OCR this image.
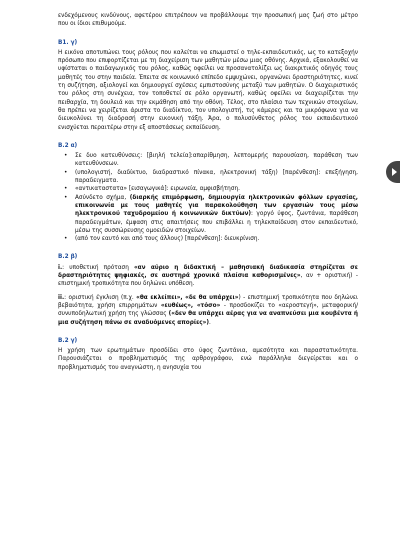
ενδεχόμενους κινδύνους, αφετέρου επιτρέπουν να προβάλλουμε την προσωπική μας ζωή στο μέτρο που οι ίδιοι επιθυμούμε.

Β1. γ)

Η εικόνα αποτυπώνει τους ρόλους που καλείται να επωμιστεί ο τηλε-εκπαιδευτικός, ως το κατεξοχήν πρόσωπο που επιφορτίζεται με τη διαχείριση των μαθητών μέσω μιας οθόνης. Αρχικά, εξακολουθεί να υφίσταται ο παιδαγωγικός του ρόλος, καθώς οφείλει να προσανατολίζει ως διακριτικός οδηγός τους μαθητές του στην παιδεία. Έπειτα σε κοινωνικό επίπεδο εμψυχώνει, οργανώνει δραστηριότητες, κινεί τη συζήτηση, αξιολογεί και δημιουργεί σχέσεις εμπιστοσύνης μεταξύ των μαθητών. Ο διαχειριστικός του ρόλος στη συνέχεια, τον τοποθετεί σε ρόλο οργανωτή, καθώς οφείλει να διαχειρίζεται την πειθαρχία, τη δουλειά και την εκμάθηση από την οθόνη. Τέλος, στο πλαίσιο των τεχνικών στοιχείων, θα πρέπει να χειρίζεται άριστα το διαδίκτυο, τον υπολογιστή, τις κάμερες και τα μικρόφωνα για να διευκολύνει τη διαδρασή στην εικονική τάξη. Άρα, ο πολυσύνθετος ρόλος του εκπαιδευτικού ενισχύεται περαιτέρω στην εξ αποστάσεως εκπαίδευση.

Β.2 α)
• Σε δυο κατευθύνσεις: [βιηλή τελεία]:απαρίθμηση, λεπτομερής παρουσίαση, παράθεση των κατευθύνσεων.
• (υπολογιστή, διαδίκτυο, διαδραστικό πίνακα, ηλεκτρονική τάξη) [παρένθεση]: επεξήγηση, παραδειγματα.
• «αντικαταστατα» [εισαγωγικά]: ειρωνεία, αμφισβήτηση.
• Ασύνδετο σχήμα, (διαρκής επιμόρφωση, δημιουργία ηλεκτρονικών φόλλων εργασίας, επικοινωνία με τους μαθητές για παρακολούθηση των εργασιών τους μέσω ηλεκτρονικού ταχυδρομείου ή κοινωνικών δικτύων): γοργό ύφος, ζωντάνια, παράθεση παραδειγμάτων, έμφαση στις απαιτήσεις που επιβάλλει η τηλεκπαίδευση στον εκπαιδευτικό, μέσω της συσσώρευσης ομοειδών στοιχείων.
• (από τον εαυτό και από τους άλλους) [παρένθεση]: διευκρίνιση.
Β.2 β)

i.: υποθετική πρόταση «αν αύριο η διδακτική – μαθησιακή διαδικασία στηρίζεται σε δραστηριότητες ψηφιακές, σε αυστηρά χρονικά πλαίσια καθορισμένες», αν + οριστική) - επιστημική τροπικότητα που δηλώνει υπόθεση.

ii.: οριστική έγκλιση (π.χ. «θα εκλείπει», «δε θα υπάρχει») - επιστημική τροπικότητα που δηλώνει βεβαιότητα, χρήση επιρρημάτων «ευθέως», «τόσο» - προσδοκίζει το «αεροστεγή», μεταφορική/συνυποδηλωτική χρήση της γλώσσας («δεν θα υπάρχει αέρας για να αναπνεύσει μια κουβέντα ή μια συζήτηση πάνω σε αναδυόμενες απορίες»).

Β.2 γ)

Η χρήση των ερωτημάτων προσδίδει στο ύφος ζωντάνια, αμεσότητα και παραστατικότητα. Παρουσιάζεται ο προβληματισμός της αρθρογράφου, ενώ παράλληλα διεγείρεται και ο προβληματισμός του αναγνώστη, η ανησυχία του
